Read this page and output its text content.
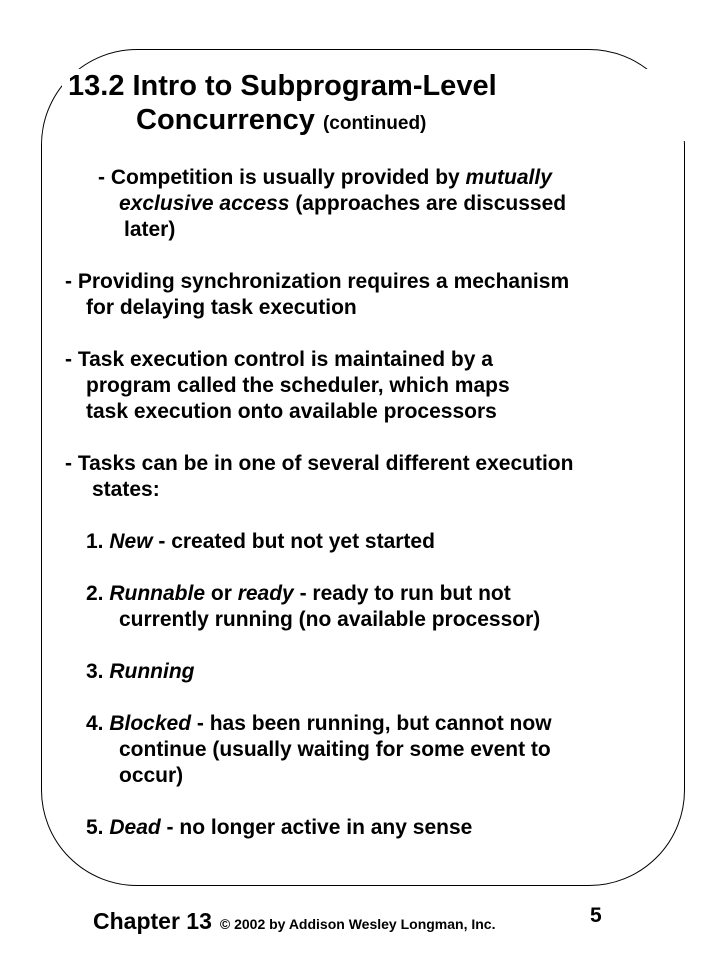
13.2 Intro to Subprogram-Level
Concurrency (continued)
- Competition is usually provided by mutually
exclusive access (approaches are discussed
later)
- Providing synchronization requires a mechanism
for delaying task execution
- Task execution control is maintained by a
program called the scheduler, which maps
task execution onto available processors
- Tasks can be in one of several different execution
states:
1. New - created but not yet started
2. Runnable or ready - ready to run but not
currently running (no available processor)
3. Running
4. Blocked - has been running, but cannot now
continue (usually waiting for some event to
occur)
5. Dead - no longer active in any sense
Chapter 13 © 2002 by Addison Wesley Longman, Inc.	5
